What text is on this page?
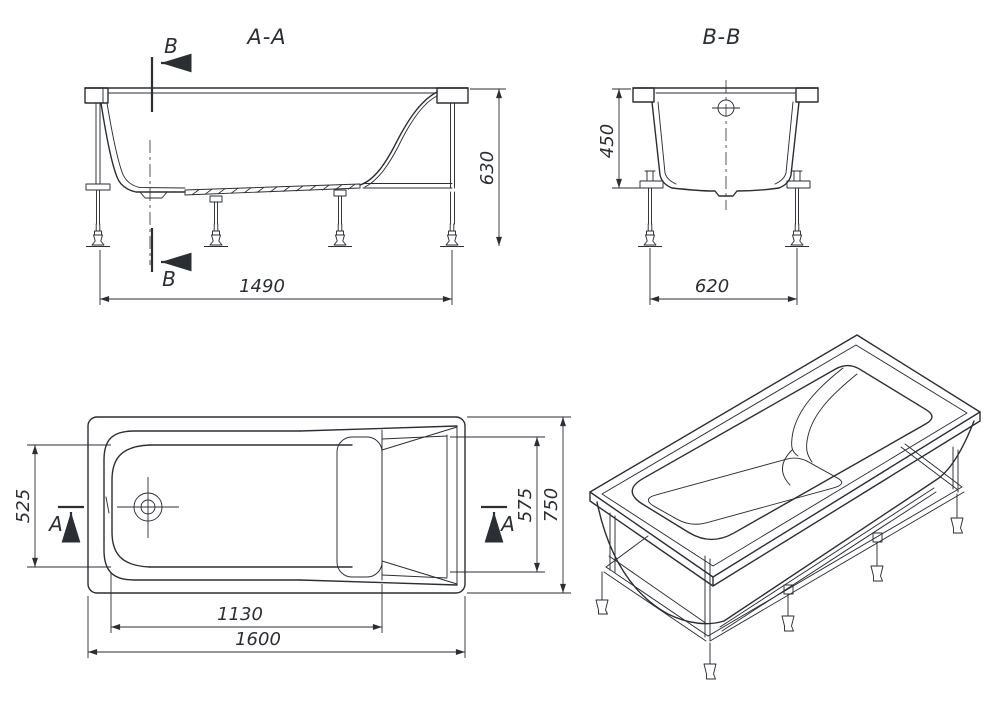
A-A
B
B	1490
630
B-B
450
620
A	A
525	575 750
1130
1600
